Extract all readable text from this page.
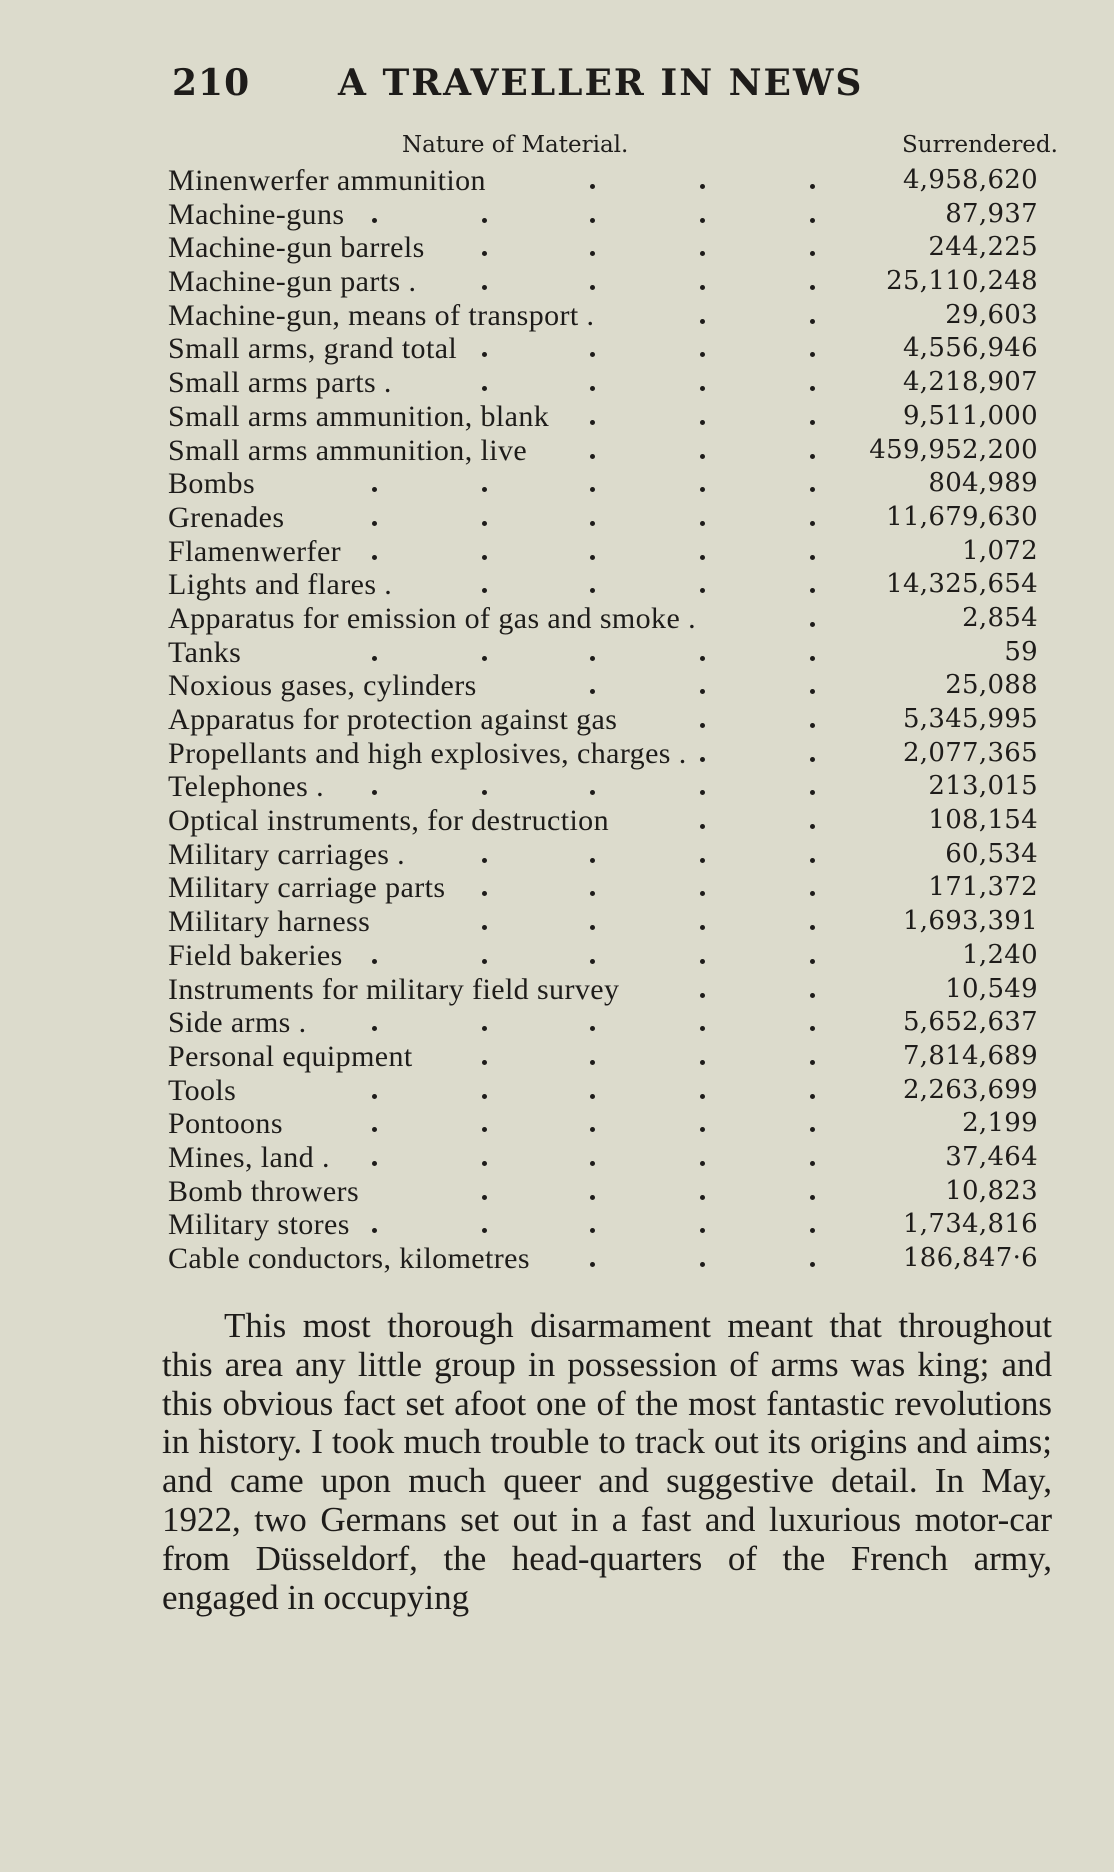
210 A TRAVELLER IN NEWS
Nature of Material.	Surrendered.
Minenwerfer ammunition	4,958,620
Machine-guns	87,937
Machine-gun barrels	244,225
Machine-gun parts .	25,110,248
Machine-gun, means of transport .	29,603
Small arms, grand total	4,556,946
Small arms parts .	4,218,907
Small arms ammunition, blank	9,511,000
Small arms ammunition, live	459,952,200
Bombs	804,989
Grenades	11,679,630
Flamenwerfer	1,072
Lights and flares .	14,325,654
Apparatus for emission of gas and smoke .	2,854
Tanks	59
Noxious gases, cylinders	25,088
Apparatus for protection against gas	5,345,995
Propellants and high explosives, charges .	2,077,365
Telephones .	213,015
Optical instruments, for destruction	108,154
Military carriages .	60,534
Military carriage parts	171,372
Military harness	1,693,391
Field bakeries	1,240
Instruments for military field survey	10,549
Side arms .	5,652,637
Personal equipment	7,814,689
Tools	2,263,699
Pontoons	2,199
Mines, land .	37,464
Bomb throwers	10,823
Military stores	1,734,816
Cable conductors, kilometres	186,847·6

This most thorough disarmament meant that throughout this area any little group in possession of arms was king; and this obvious fact set afoot one of the most fantastic revolutions in history. I took much trouble to track out its origins and aims; and came upon much queer and suggestive detail. In May, 1922, two Germans set out in a fast and luxurious motor-car from Düsseldorf, the head-quarters of the French army, engaged in occupying
